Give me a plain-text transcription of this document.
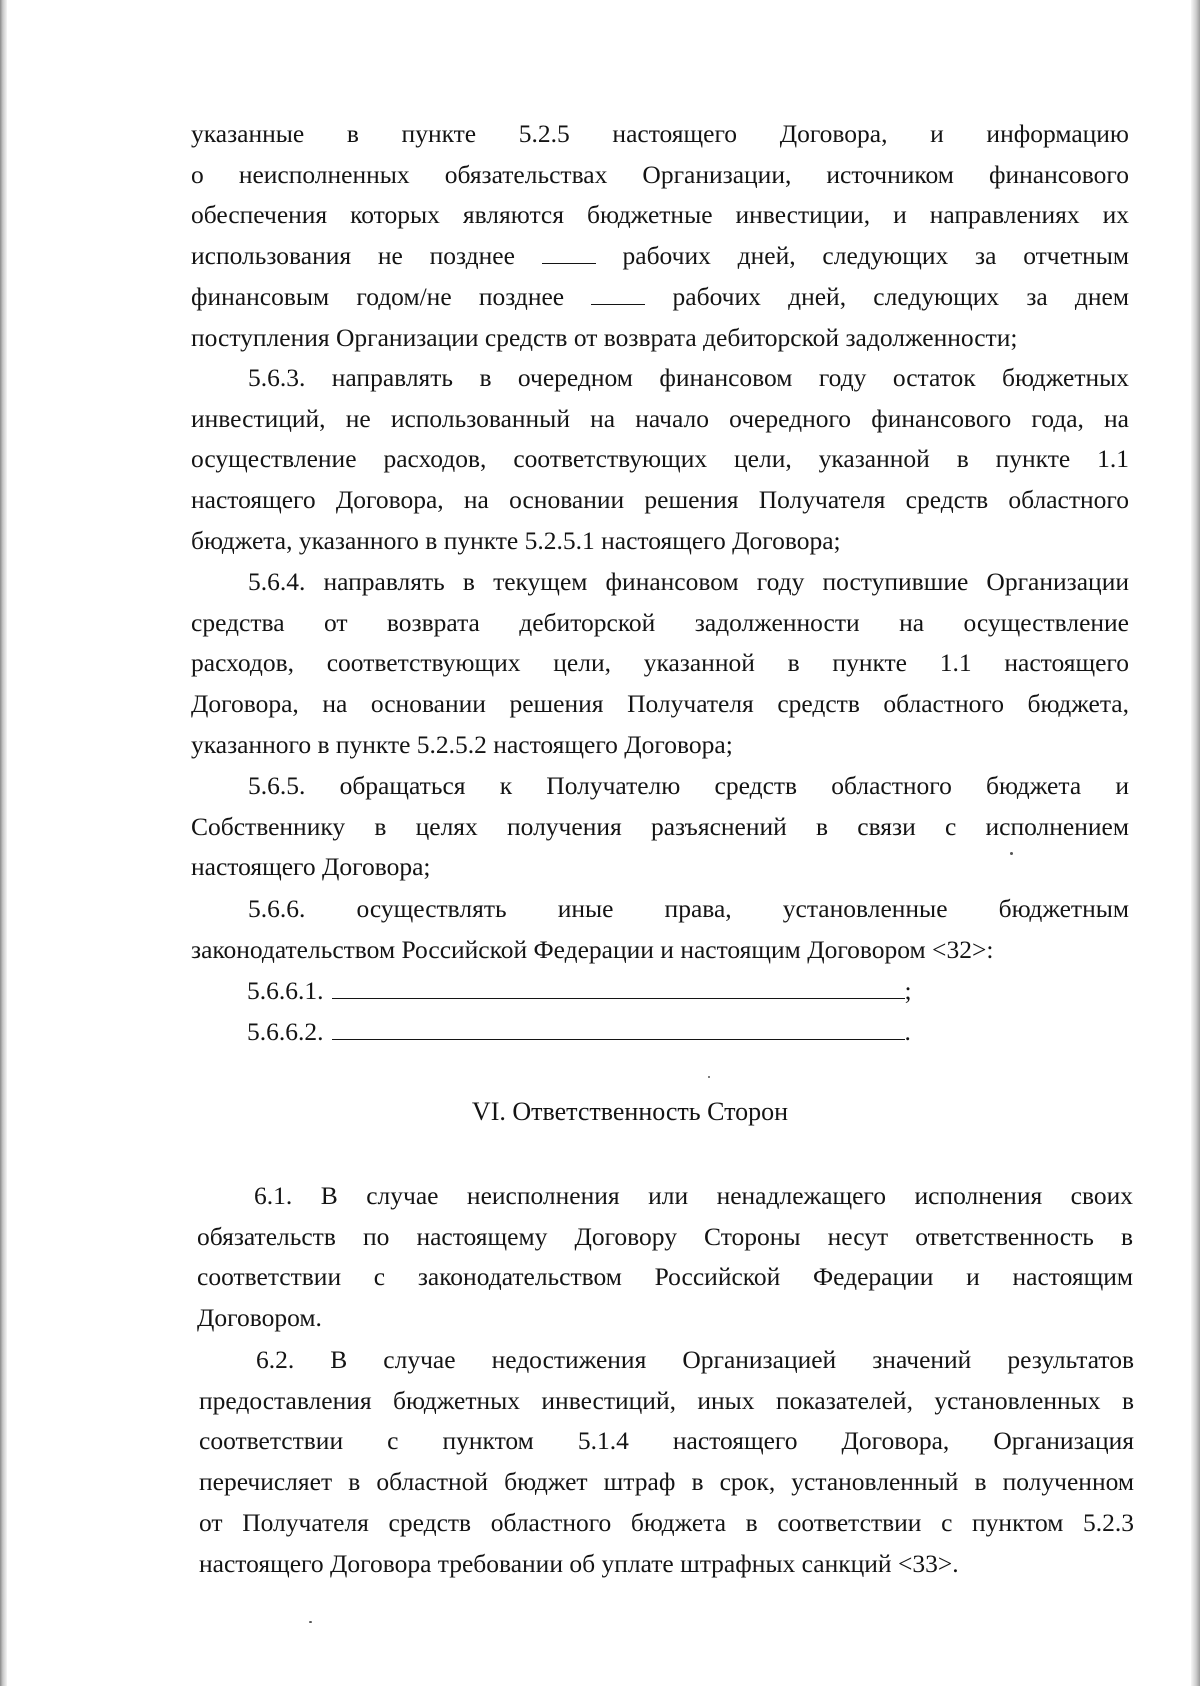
указанные в пункте 5.2.5 настоящего Договора, и информацию
о неисполненных обязательствах Организации, источником финансового
обеспечения которых являются бюджетные инвестиции, и направлениях их
использования не позднее	рабочих дней, следующих за отчетным
финансовым годом/не позднее	рабочих дней, следующих за днем
поступления Организации средств от возврата дебиторской задолженности;
5.6.3. направлять в очередном финансовом году остаток бюджетных
инвестиций, не использованный на начало очередного финансового года, на
осуществление расходов, соответствующих цели, указанной в пункте 1.1
настоящего Договора, на основании решения Получателя средств областного
бюджета, указанного в пункте 5.2.5.1 настоящего Договора;
5.6.4. направлять в текущем финансовом году поступившие Организации
средства от возврата дебиторской задолженности на осуществление
расходов, соответствующих цели, указанной в пункте 1.1 настоящего
Договора, на основании решения Получателя средств областного бюджета,
указанного в пункте 5.2.5.2 настоящего Договора;
5.6.5. обращаться к Получателю средств областного бюджета и
Собственнику в целях получения разъяснений в связи с исполнением
настоящего Договора;
5.6.6. осуществлять иные права, установленные бюджетным
законодательством Российской Федерации и настоящим Договором <32>:
5.6.6.1.	;
5.6.6.2.	.
VI. Ответственность Сторон
6.1. В случае неисполнения или ненадлежащего исполнения своих
обязательств по настоящему Договору Стороны несут ответственность в
соответствии с законодательством Российской Федерации и настоящим
Договором.
6.2. В случае недостижения Организацией значений результатов
предоставления бюджетных инвестиций, иных показателей, установленных в
соответствии с пунктом 5.1.4 настоящего Договора, Организация
перечисляет в областной бюджет штраф в срок, установленный в полученном
от Получателя средств областного бюджета в соответствии с пунктом 5.2.3
настоящего Договора требовании об уплате штрафных санкций <33>.
